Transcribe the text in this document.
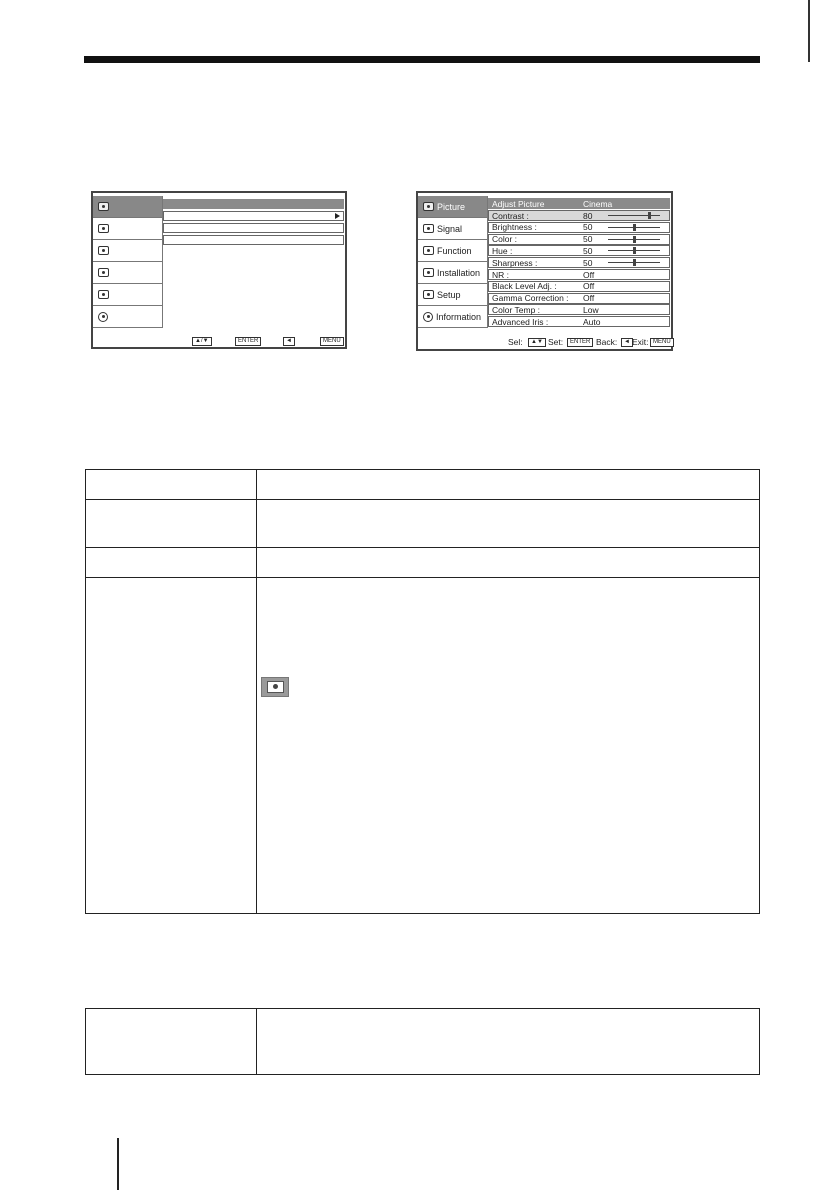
▲/▼	ENTER	◄	MENU
Picture
Signal
Function
Installation
Setup
Information
Adjust Picture	Cinema
Contrast :	80
Brightness :	50
Color :	50
Hue :	50
Sharpness :	50
NR :	Off
Black Level Adj. :	Off
Gamma Correction :	Off
Color Temp :	Low
Advanced Iris :	Auto
Sel:	▲▼ Set:	ENTER Back:	◄ Exit: MENU
